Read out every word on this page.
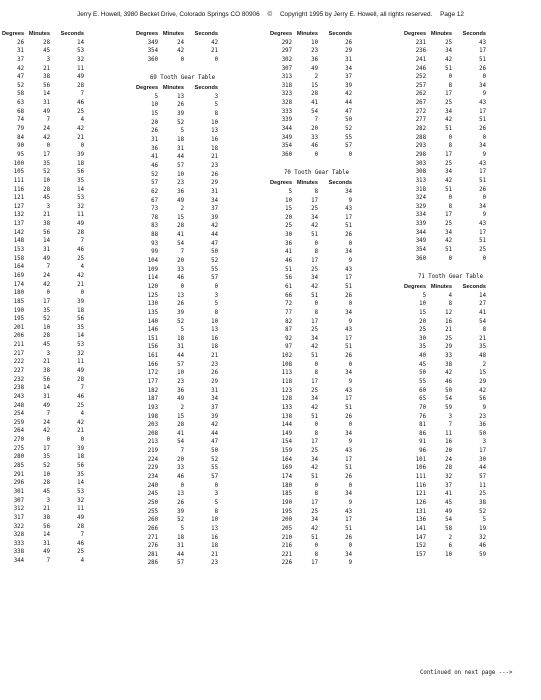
Jerry E. Howell, 3980 Becket Drive, Colorado Springs CO 80906 © Copyright 1995 by Jerry E. Howell, all rights reserved. Page 12
Degrees Minutes	Seconds
26	28	14
31	45	53
37	3	32
42	21	11
47	38	49
52	56	28
58	14	7
63	31	46
68	49	25
74	7	4
79	24	42
84	42	21
90	0	0
95	17	39
100	35	18
105	52	56
111	10	35
116	28	14
121	45	53
127	3	32
132	21	11
137	38	49
142	56	28
148	14	7
153	31	46
158	49	25
164	7	4
169	24	42
174	42	21
180	0	0
185	17	39
190	35	18
195	52	56
201	10	35
206	28	14
211	45	53
217	3	32
222	21	11
227	38	49
232	56	28
238	14	7
243	31	46
248	49	25
254	7	4
259	24	42
264	42	21
270	0	0
275	17	39
280	35	18
285	52	56
291	10	35
296	28	14
301	45	53
307	3	32
312	21	11
317	38	49
322	56	28
328	14	7
333	31	46
338	49	25
344	7	4
Degrees Minutes	Seconds
349	24	42
354	42	21
360	0	0
69 Tooth Gear Table
Degrees Minutes	Seconds
5	13	3
10	26	5
15	39	8
20	52	10
26	5	13
31	18	16
36	31	18
41	44	21
46	57	23
52	10	26
57	23	29
62	36	31
67	49	34
73	2	37
78	15	39
83	28	42
88	41	44
93	54	47
99	7	50
104	20	52
109	33	55
114	46	57
120	0	0
125	13	3
130	26	5
135	39	8
140	52	10
146	5	13
151	18	16
156	31	18
161	44	21
166	57	23
172	10	26
177	23	29
182	36	31
187	49	34
193	2	37
198	15	39
203	28	42
208	41	44
213	54	47
219	7	50
224	20	52
229	33	55
234	46	57
240	0	0
245	13	3
250	26	5
255	39	8
260	52	10
266	5	13
271	18	16
276	31	18
281	44	21
286	57	23
Degrees Minutes	Seconds
292	10	26
297	23	29
302	36	31
307	49	34
313	2	37
318	15	39
323	28	42
328	41	44
333	54	47
339	7	50
344	20	52
349	33	55
354	46	57
360	0	0
70 Tooth Gear Table
Degrees Minutes	Seconds
5	8	34
10	17	9
15	25	43
20	34	17
25	42	51
30	51	26
36	0	0
41	8	34
46	17	9
51	25	43
56	34	17
61	42	51
66	51	26
72	0	0
77	8	34
82	17	9
87	25	43
92	34	17
97	42	51
102	51	26
108	0	0
113	8	34
118	17	9
123	25	43
128	34	17
133	42	51
138	51	26
144	0	0
149	8	34
154	17	9
159	25	43
164	34	17
169	42	51
174	51	26
180	0	0
185	8	34
190	17	9
195	25	43
200	34	17
205	42	51
210	51	26
216	0	0
221	8	34
226	17	9
Degrees Minutes	Seconds
231	25	43
236	34	17
241	42	51
246	51	26
252	0	0
257	8	34
262	17	9
267	25	43
272	34	17
277	42	51
282	51	26
288	0	0
293	8	34
298	17	9
303	25	43
308	34	17
313	42	51
318	51	26
324	0	0
329	8	34
334	17	9
339	25	43
344	34	17
349	42	51
354	51	25
360	0	0
71 Tooth Gear Table
Degrees Minutes	Seconds
5	4	14
10	8	27
15	12	41
20	16	54
25	21	8
30	25	21
35	29	35
40	33	48
45	38	2
50	42	15
55	46	29
60	50	42
65	54	56
70	59	9
76	3	23
81	7	36
86	11	50
91	16	3
96	20	17
101	24	30
106	28	44
111	32	57
116	37	11
121	41	25
126	45	38
131	49	52
136	54	5
141	58	19
147	2	32
152	6	46
157	10	59
Continued on next page --->
